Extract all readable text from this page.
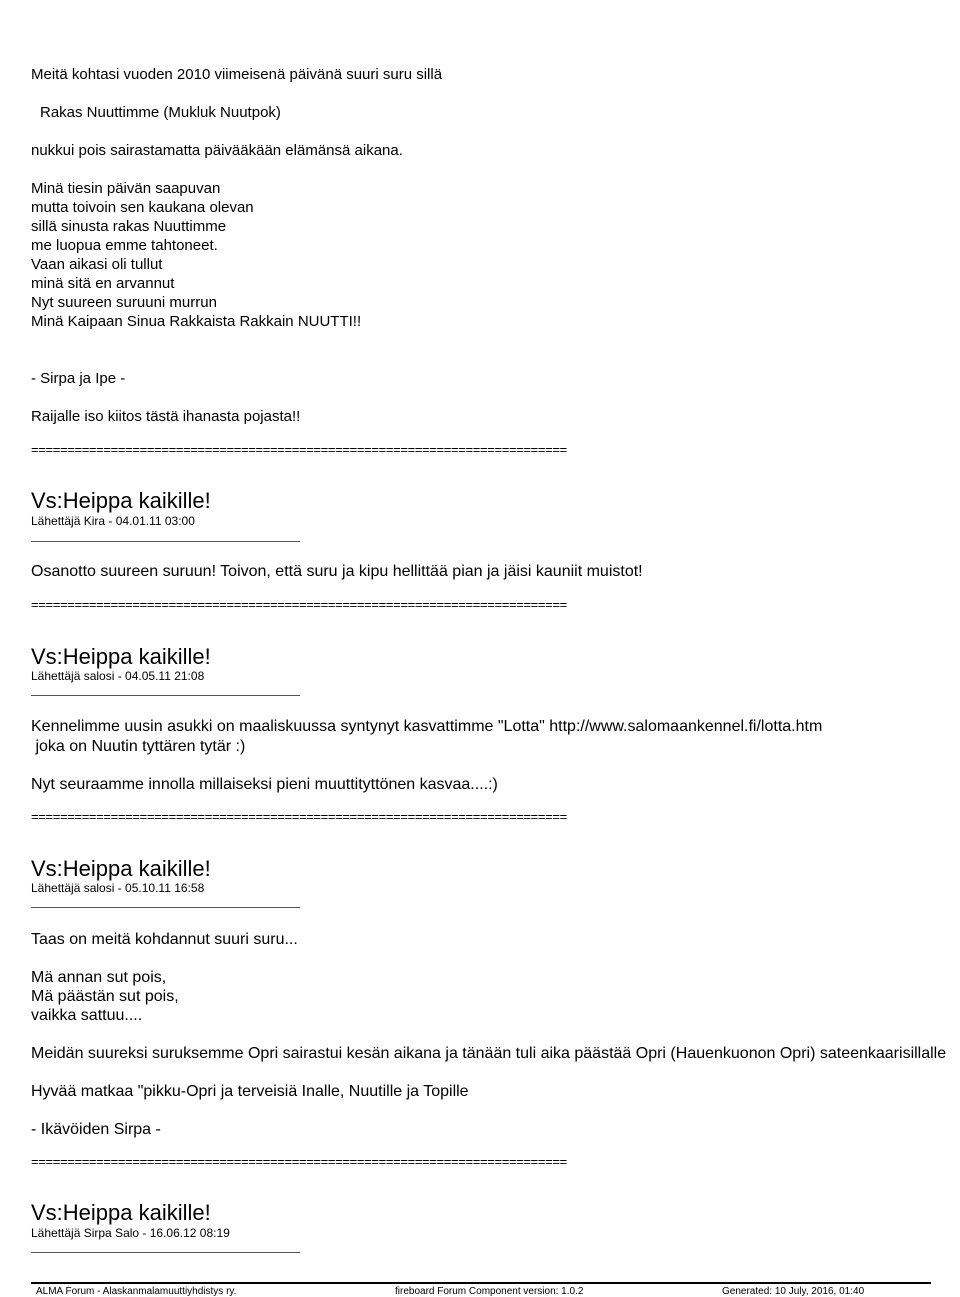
Meitä kohtasi vuoden 2010 viimeisenä päivänä suuri suru sillä
Rakas Nuuttimme (Mukluk Nuutpok)
nukkui pois sairastamatta päivääkään elämänsä aikana.
Minä tiesin päivän saapuvan
mutta toivoin sen kaukana olevan
sillä sinusta rakas Nuuttimme
me luopua emme tahtoneet.
Vaan aikasi oli tullut
minä sitä en arvannut
Nyt suureen suruuni murrun
Minä Kaipaan Sinua Rakkaista Rakkain NUUTTI!!
- Sirpa ja Ipe -
Raijalle iso kiitos tästä ihanasta pojasta!!
==========================================================================
Vs:Heippa kaikille!
Lähettäjä Kira - 04.01.11 03:00
Osanotto suureen suruun! Toivon, että suru ja kipu hellittää pian ja jäisi kauniit muistot!
==========================================================================
Vs:Heippa kaikille!
Lähettäjä salosi - 04.05.11 21:08
Kennelimme uusin asukki on maaliskuussa syntynyt kasvattimme "Lotta" http://www.salomaankennel.fi/lotta.htm
joka on Nuutin tyttären tytär :)
Nyt seuraamme innolla millaiseksi pieni muuttityttönen kasvaa....:)
==========================================================================
Vs:Heippa kaikille!
Lähettäjä salosi - 05.10.11 16:58
Taas on meitä kohdannut suuri suru...
Mä annan sut pois,
Mä päästän sut pois,
vaikka sattuu....
Meidän suureksi suruksemme Opri sairastui kesän aikana ja tänään tuli aika päästää Opri (Hauenkuonon Opri) sateenkaarisillalle
Hyvää matkaa "pikku-Opri ja terveisiä Inalle, Nuutille ja Topille
- Ikävöiden Sirpa -
==========================================================================
Vs:Heippa kaikille!
Lähettäjä Sirpa Salo - 16.06.12 08:19
ALMA Forum - Alaskanmalamuuttiyhdistys ry.	fireboard Forum Component version: 1.0.2	Generated: 10 July, 2016, 01:40
